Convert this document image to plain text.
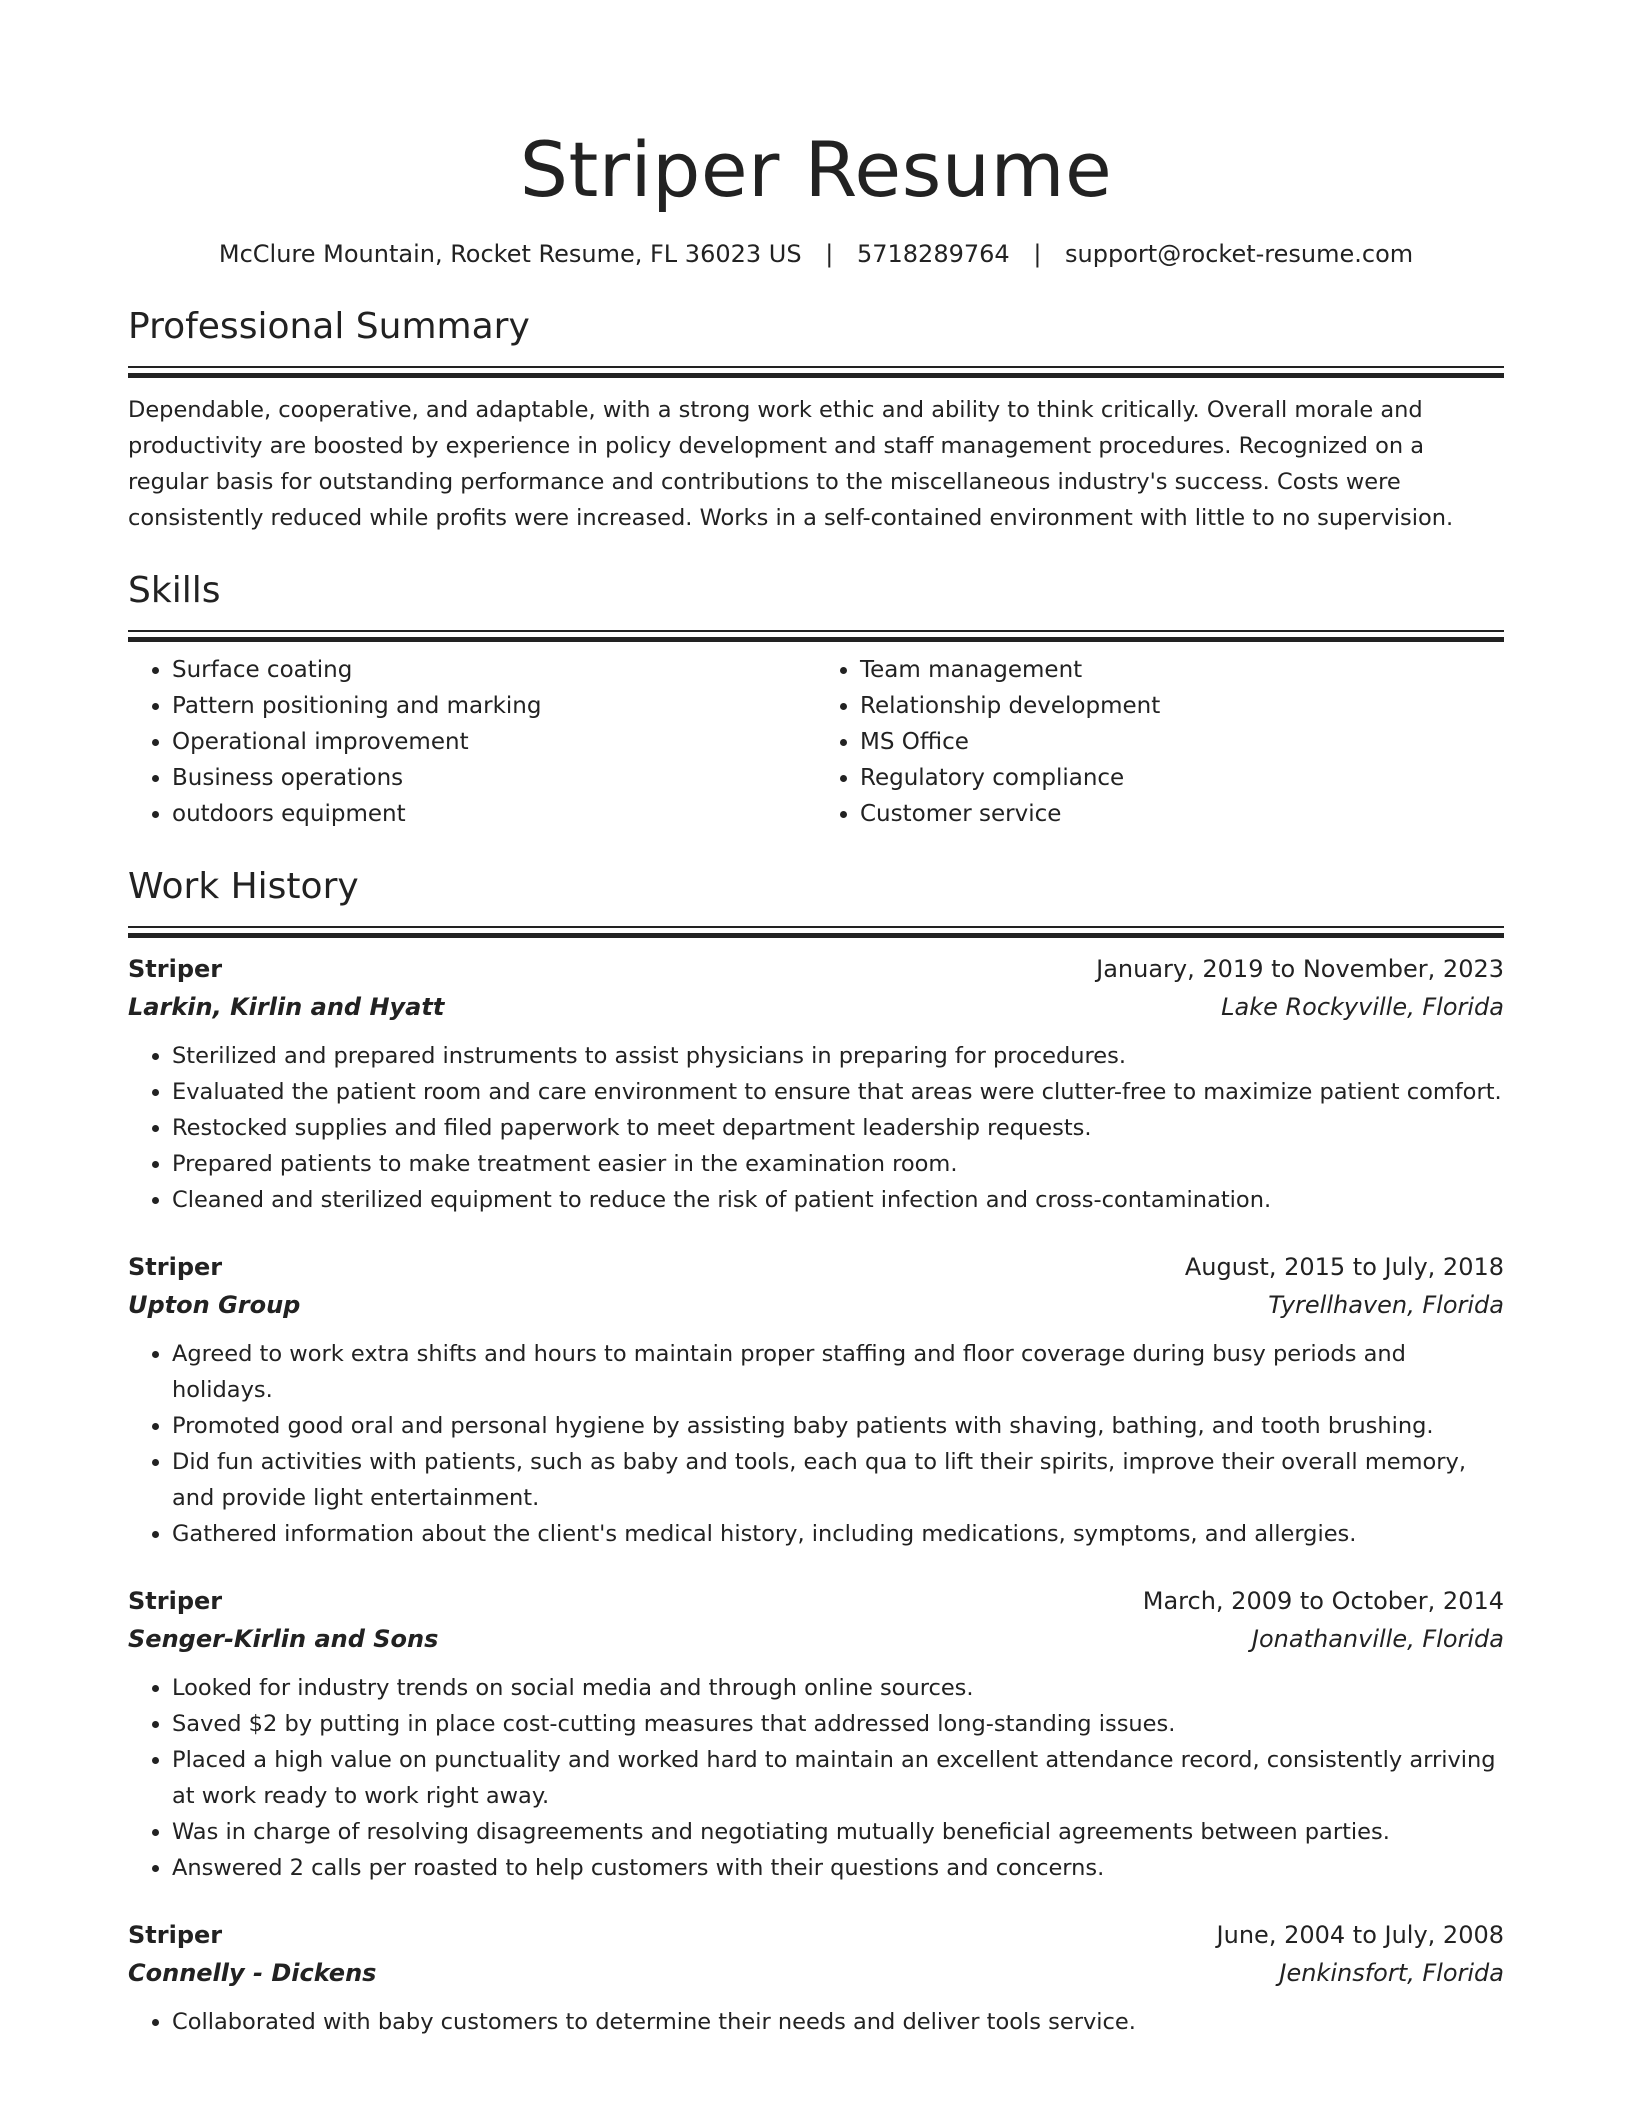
Striper Resume
McClure Mountain, Rocket Resume, FL 36023 US | 5718289764 | support@rocket-resume.com
Professional Summary
Dependable, cooperative, and adaptable, with a strong work ethic and ability to think critically. Overall morale and productivity are boosted by experience in policy development and staff management procedures. Recognized on a regular basis for outstanding performance and contributions to the miscellaneous industry's success. Costs were consistently reduced while profits were increased. Works in a self-contained environment with little to no supervision.
Skills
• Surface coating
• Pattern positioning and marking
• Operational improvement
• Business operations
• outdoors equipment
• Team management
• Relationship development
• MS Office
• Regulatory compliance
• Customer service
Work History
Striper	January, 2019 to November, 2023
Larkin, Kirlin and Hyatt	Lake Rockyville, Florida
• Sterilized and prepared instruments to assist physicians in preparing for procedures.
• Evaluated the patient room and care environment to ensure that areas were clutter-free to maximize patient comfort.
• Restocked supplies and filed paperwork to meet department leadership requests.
• Prepared patients to make treatment easier in the examination room.
• Cleaned and sterilized equipment to reduce the risk of patient infection and cross-contamination.
Striper	August, 2015 to July, 2018
Upton Group	Tyrellhaven, Florida
• Agreed to work extra shifts and hours to maintain proper staffing and floor coverage during busy periods and holidays.
• Promoted good oral and personal hygiene by assisting baby patients with shaving, bathing, and tooth brushing.
• Did fun activities with patients, such as baby and tools, each qua to lift their spirits, improve their overall memory, and provide light entertainment.
• Gathered information about the client's medical history, including medications, symptoms, and allergies.
Striper	March, 2009 to October, 2014
Senger-Kirlin and Sons	Jonathanville, Florida
• Looked for industry trends on social media and through online sources.
• Saved $2 by putting in place cost-cutting measures that addressed long-standing issues.
• Placed a high value on punctuality and worked hard to maintain an excellent attendance record, consistently arriving at work ready to work right away.
• Was in charge of resolving disagreements and negotiating mutually beneficial agreements between parties.
• Answered 2 calls per roasted to help customers with their questions and concerns.
Striper	June, 2004 to July, 2008
Connelly - Dickens	Jenkinsfort, Florida
• Collaborated with baby customers to determine their needs and deliver tools service.
